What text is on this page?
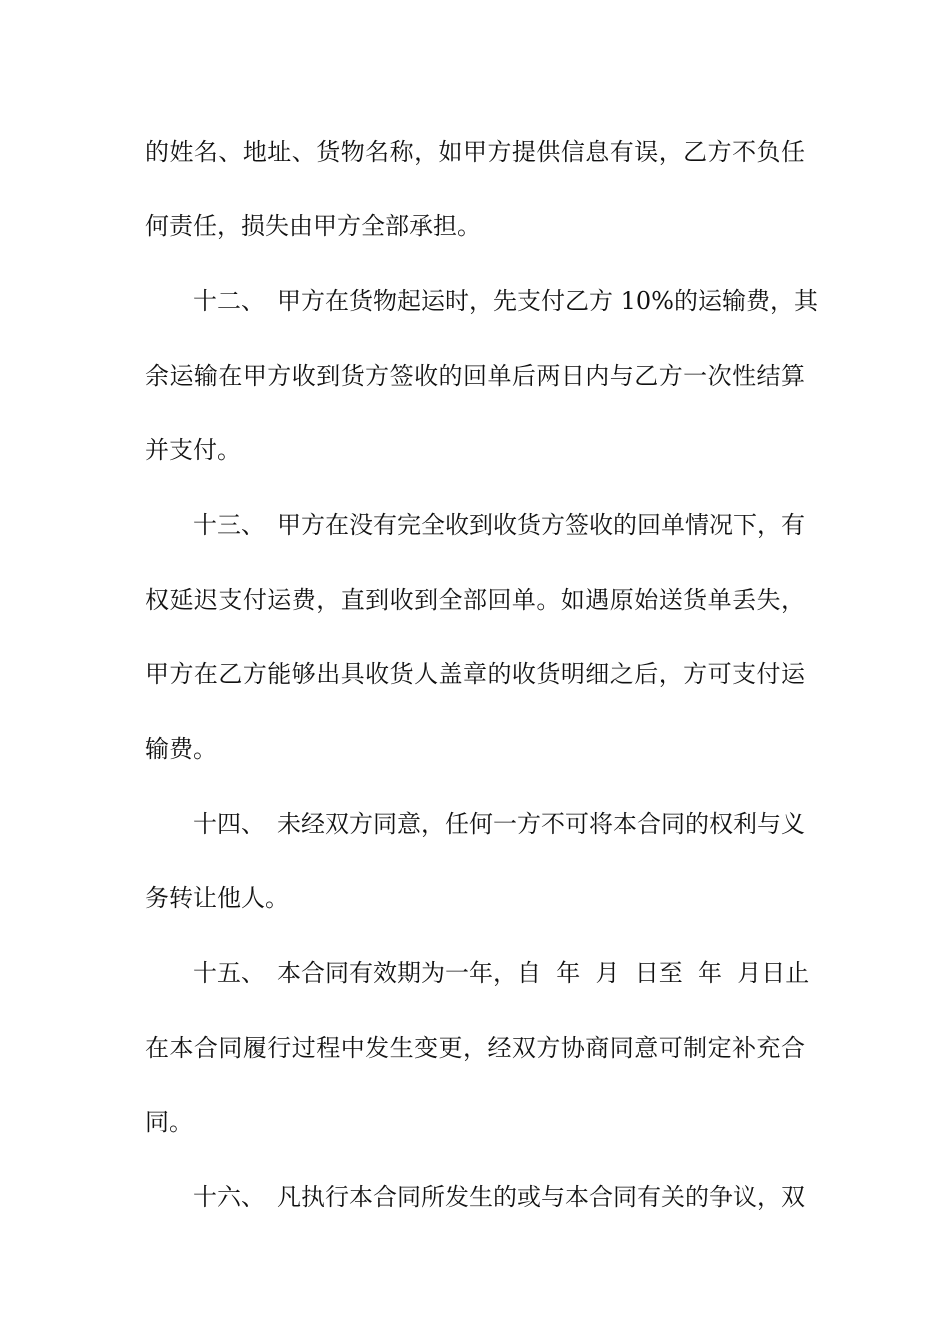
的姓名、地址、货物名称，如甲方提供信息有误，乙方不负任
何责任，损失由甲方全部承担。
十二、 甲方在货物起运时，先支付乙方 10%的运输费，其
余运输在甲方收到货方签收的回单后两日内与乙方一次性结算
并支付。
十三、 甲方在没有完全收到收货方签收的回单情况下，有
权延迟支付运费，直到收到全部回单。如遇原始送货单丢失，
甲方在乙方能够出具收货人盖章的收货明细之后，方可支付运
输费。
十四、 未经双方同意，任何一方不可将本合同的权利与义
务转让他人。
十五、 本合同有效期为一年，自  年  月  日至  年  月日止
在本合同履行过程中发生变更，经双方协商同意可制定补充合
同。
十六、 凡执行本合同所发生的或与本合同有关的争议，双
